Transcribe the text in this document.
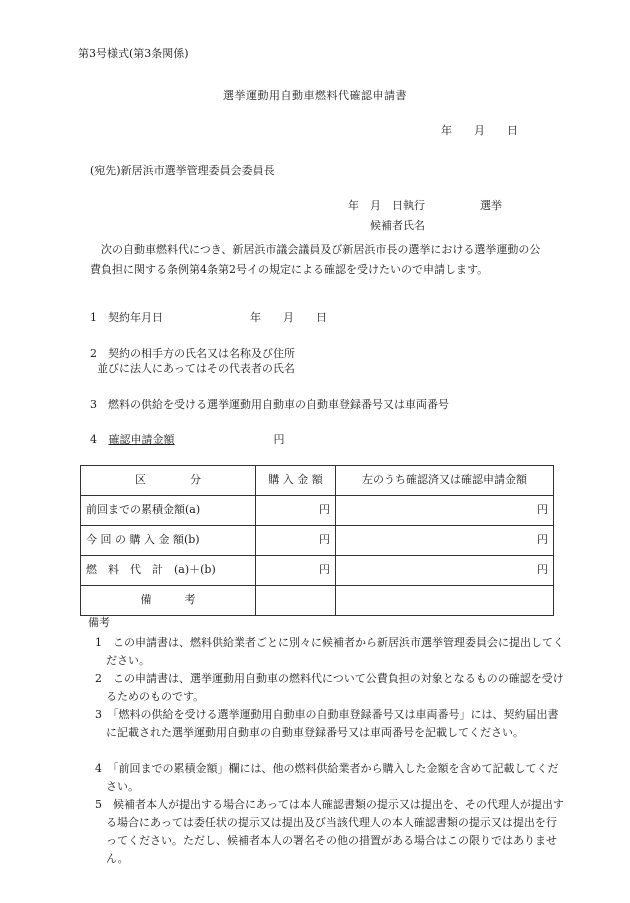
第3号様式(第3条関係)
選挙運動用自動車燃料代確認申請書
年　　月　　日
(宛先)新居浜市選挙管理委員会委員長
年　月　日執行　　　　　選挙
候補者氏名
次の自動車燃料代につき、新居浜市議会議員及び新居浜市長の選挙における選挙運動の公費負担に関する条例第4条第2号イの規定による確認を受けたいので申請します。
1　契約年月日	年　　月　　日
2　契約の相手方の氏名又は名称及び住所
並びに法人にあってはその代表者の氏名
3　燃料の供給を受ける選挙運動用自動車の自動車登録番号又は車両番号
4 確認申請金額	円
区　　　　分	購 入 金 額	左のうち確認済又は確認申請金額
前回までの累積金額(a)	円	円
今 回 の 購 入 金 額(b)	円	円
燃　料　代　計　(a)＋(b)	円	円
備　　　考		
備考
1　この申請書は、燃料供給業者ごとに別々に候補者から新居浜市選挙管理委員会に提出してください。
2　この申請書は、選挙運動用自動車の燃料代について公費負担の対象となるものの確認を受けるためのものです。
3　「燃料の供給を受ける選挙運動用自動車の自動車登録番号又は車両番号」には、契約届出書に記載された選挙運動用自動車の自動車登録番号又は車両番号を記載してください。
4　「前回までの累積金額」欄には、他の燃料供給業者から購入した金額を含めて記載してください。
5　候補者本人が提出する場合にあっては本人確認書類の提示又は提出を、その代理人が提出する場合にあっては委任状の提示又は提出及び当該代理人の本人確認書類の提示又は提出を行ってください。ただし、候補者本人の署名その他の措置がある場合はこの限りではありません。
